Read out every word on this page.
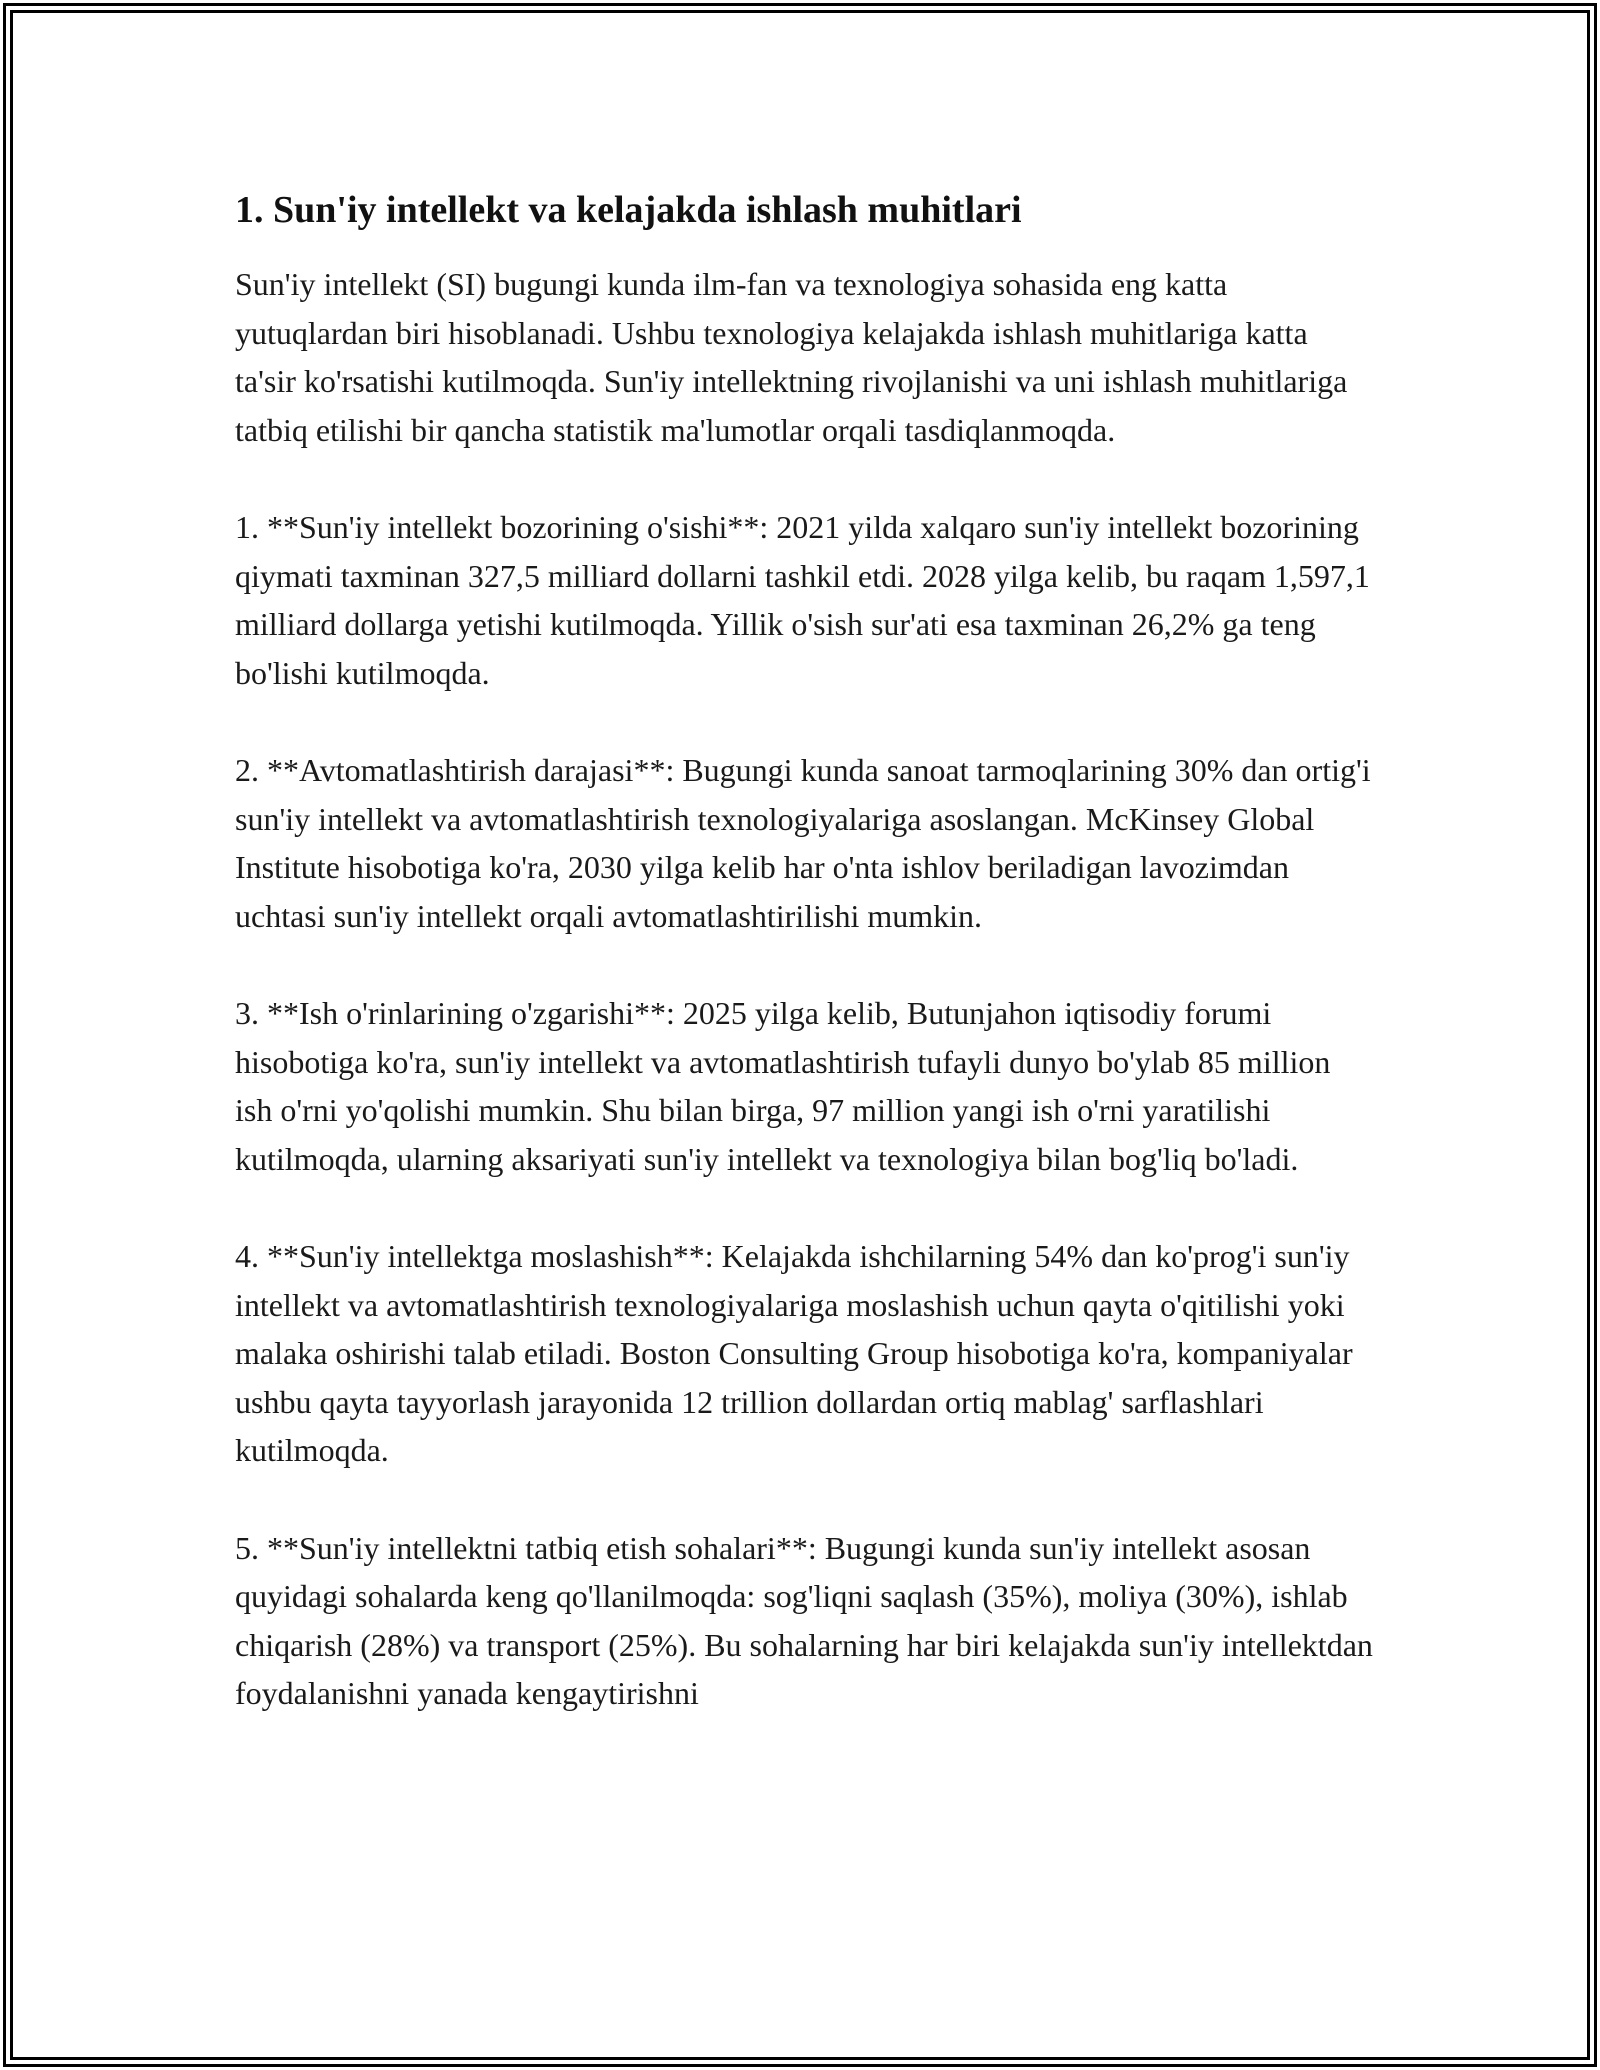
1. Sun'iy intellekt va kelajakda ishlash muhitlari

Sun'iy intellekt (SI) bugungi kunda ilm-fan va texnologiya sohasida eng katta yutuqlardan biri hisoblanadi. Ushbu texnologiya kelajakda ishlash muhitlariga katta ta'sir ko'rsatishi kutilmoqda. Sun'iy intellektning rivojlanishi va uni ishlash muhitlariga tatbiq etilishi bir qancha statistik ma'lumotlar orqali tasdiqlanmoqda.

1. **Sun'iy intellekt bozorining o'sishi**: 2021 yilda xalqaro sun'iy intellekt bozorining qiymati taxminan 327,5 milliard dollarni tashkil etdi. 2028 yilga kelib, bu raqam 1,597,1 milliard dollarga yetishi kutilmoqda. Yillik o'sish sur'ati esa taxminan 26,2% ga teng bo'lishi kutilmoqda.

2. **Avtomatlashtirish darajasi**: Bugungi kunda sanoat tarmoqlarining 30% dan ortig'i sun'iy intellekt va avtomatlashtirish texnologiyalariga asoslangan. McKinsey Global Institute hisobotiga ko'ra, 2030 yilga kelib har o'nta ishlov beriladigan lavozimdan uchtasi sun'iy intellekt orqali avtomatlashtirilishi mumkin.

3. **Ish o'rinlarining o'zgarishi**: 2025 yilga kelib, Butunjahon iqtisodiy forumi hisobotiga ko'ra, sun'iy intellekt va avtomatlashtirish tufayli dunyo bo'ylab 85 million ish o'rni yo'qolishi mumkin. Shu bilan birga, 97 million yangi ish o'rni yaratilishi kutilmoqda, ularning aksariyati sun'iy intellekt va texnologiya bilan bog'liq bo'ladi.

4. **Sun'iy intellektga moslashish**: Kelajakda ishchilarning 54% dan ko'prog'i sun'iy intellekt va avtomatlashtirish texnologiyalariga moslashish uchun qayta o'qitilishi yoki malaka oshirishi talab etiladi. Boston Consulting Group hisobotiga ko'ra, kompaniyalar ushbu qayta tayyorlash jarayonida 12 trillion dollardan ortiq mablag' sarflashlari kutilmoqda.

5. **Sun'iy intellektni tatbiq etish sohalari**: Bugungi kunda sun'iy intellekt asosan quyidagi sohalarda keng qo'llanilmoqda: sog'liqni saqlash (35%), moliya (30%), ishlab chiqarish (28%) va transport (25%). Bu sohalarning har biri kelajakda sun'iy intellektdan foydalanishni yanada kengaytirishni
